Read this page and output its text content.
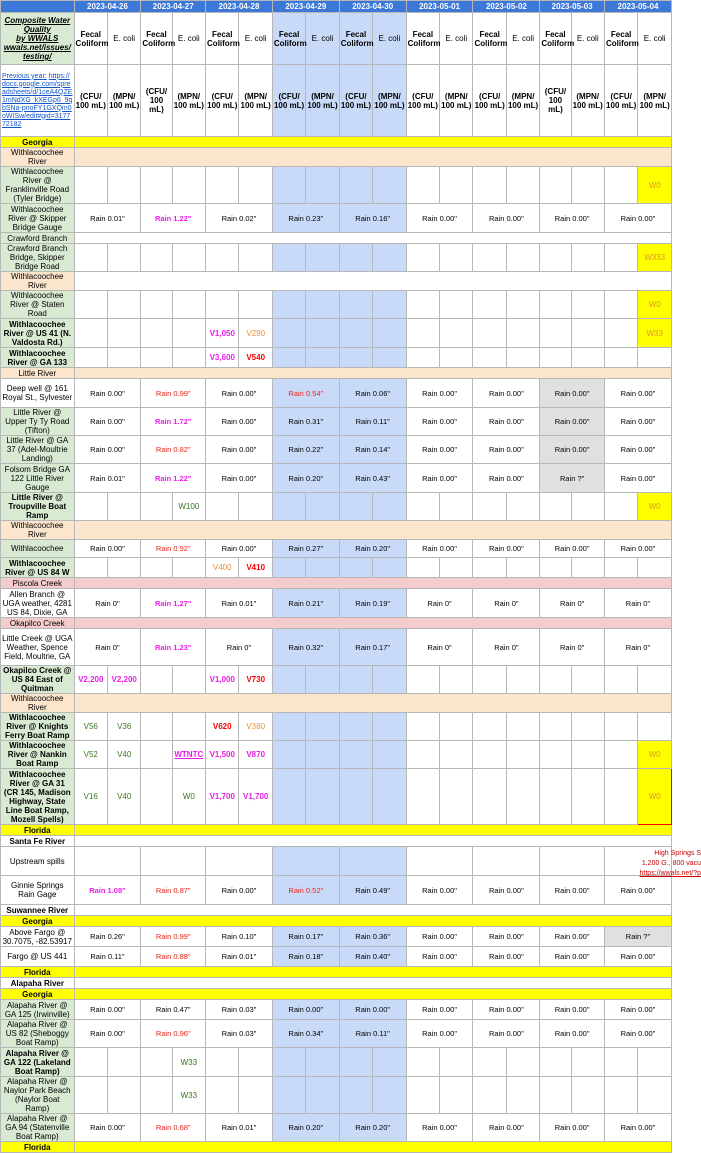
	2023-04-26		2023-04-27		2023-04-28		2023-04-29		2023-04-30		2023-05-01		2023-05-02		2023-05-03		2023-05-04	
Composite Water
Quality
by WWALS
wwals.net/issues/
testing/	Fecal Coliform	E. coli	Fecal Coliform	E. coli	Fecal Coliform	E. coli	Fecal Coliform	E. coli	Fecal Coliform	E. coli	Fecal Coliform	E. coli	Fecal Coliform	E. coli	Fecal Coliform	E. coli	Fecal Coliform	E. coli
Previous year: https://docs.google.com/spreadsheets/d/1ceA4QZE1mNdXG_kXEGp6_9qbSNa-pnoFY1GXQm0oWISw/edit#gid=317772182	(CFU/ 100 mL)	(MPN/ 100 mL)	(CFU/ 100 mL)	(MPN/ 100 mL)	(CFU/ 100 mL)	(MPN/ 100 mL)	(CFU/ 100 mL)	(MPN/ 100 mL)	(CFU/ 100 mL)	(MPN/ 100 mL)	(CFU/ 100 mL)	(MPN/ 100 mL)	(CFU/ 100 mL)	(MPN/ 100 mL)	(CFU/ 100 mL)	(MPN/ 100 mL)	(CFU/ 100 mL)	(MPN/ 100 mL)
Georgia																		
Withlacoochee River																		
Withlacoochee River @ Franklinville Road (Tyler Bridge)																		W0
Withlacoochee River @ Skipper Bridge Gauge	Rain 0.01"		Rain 1.22"		Rain 0.02"		Rain 0.23"		Rain 0.16"		Rain 0.00"		Rain 0.00"		Rain 0.00"		Rain 0.00"	
Crawford Branch																		
Crawford Branch Bridge, Skipper Bridge Road																		W333
Withlacoochee River																		
Withlacoochee River @ Staten Road																		W0
Withlacoochee River @ US 41 (N. Valdosta Rd.)					V1,050	V290												W33
Withlacoochee River @ GA 133					V3,600	V540												
Little River																		
Deep well @ 161 Royal St., Sylvester	Rain 0.00"		Rain 0.99"		Rain 0.00"		Rain 0.54"		Rain 0.06"		Rain 0.00"		Rain 0.00"		Rain 0.00"		Rain 0.00"	
Little River @ Upper Ty Ty Road (Tifton)	Rain 0.00"		Rain 1.72"		Rain 0.00"		Rain 0.31"		Rain 0.11"		Rain 0.00"		Rain 0.00"		Rain 0.00"		Rain 0.00"	
Little River @ GA 37 (Adel-Moultrie Landing)	Rain 0.00"		Rain 0.82"		Rain 0.00"		Rain 0.22"		Rain 0.14"		Rain 0.00"		Rain 0.00"		Rain 0.00"		Rain 0.00"	
Folsom Bridge GA 122 Little River Gauge	Rain 0.01"		Rain 1.22"		Rain 0.00"		Rain 0.20"		Rain 0.43"		Rain 0.00"		Rain 0.00"		Rain ?"		Rain 0.00"	
Little River @ Troupville Boat Ramp				W100														W0
Withlacoochee River																		
Withlacoochee	Rain 0.00"		Rain 0.92"		Rain 0.00"		Rain 0.27"		Rain 0.20"		Rain 0.00"		Rain 0.00"		Rain 0.00"		Rain 0.00"	
Withlacoochee River @ US 84 W					V400	V410												
Piscola Creek																		
Allen Branch @ UGA weather, 4281 US 84, Dixie, GA	Rain 0"		Rain 1.27"		Rain 0.01"		Rain 0.21"		Rain 0.19"		Rain 0"		Rain 0"		Rain 0"		Rain 0"	
Okapilco Creek																		
Little Creek @ UGA Weather, Spence Field, Moultrie, GA	Rain 0"		Rain 1.23"		Rain 0"		Rain 0.32"		Rain 0.17"		Rain 0"		Rain 0"		Rain 0"		Rain 0"	
Okapilco Creek @ US 84 East of Quitman	V2,200	V2,200			V1,000	V730												
Withlacoochee River																		
Withlacoochee River @ Knights Ferry Boat Ramp	V56	V36			V620	V380												
Withlacoochee River @ Nankin Boat Ramp	V52	V40		WTNTC	V1,500	V870												W0
Withlacoochee River @ GA 31 (CR 145, Madison Highway, State Line Boat Ramp, Mozell Spells)	V16	V40		W0	V1,700	V1,700												W0
Florida																		
Santa Fe River																		
Upstream spills																	High Springs S
1,200 G., 800 vacu
https://wwals.net/?p	

Ginnie Springs Rain Gage	Rain 1.08"		Rain 0.87"		Rain 0.00"		Rain 0.52"		Rain 0.49"		Rain 0.00"		Rain 0.00"		Rain 0.00"		Rain 0.00"	
Suwannee River																		
Georgia																		
Above Fargo @ 30.7075, -82.53917	Rain 0.26"		Rain 0.99"		Rain 0.10"		Rain 0.17"		Rain 0.36"		Rain 0.00"		Rain 0.00"		Rain 0.00"		Rain ?"	
Fargo @ US 441	Rain 0.11"		Rain 0.88"		Rain 0.01"		Rain 0.18"		Rain 0.40"		Rain 0.00"		Rain 0.00"		Rain 0.00"		Rain 0.00"	
Florida																		
Alapaha River																		
Georgia																		
Alapaha River @ GA 125 (Irwinville)	Rain 0.00"		Rain 0.47"		Rain 0.03"		Rain 0.00"		Rain 0.00"		Rain 0.00"		Rain 0.00"		Rain 0.00"		Rain 0.00"	
Alapaha River @ US 82 (Sheboggy Boat Ramp)	Rain 0.00"		Rain 0.96"		Rain 0.03"		Rain 0.34"		Rain 0.11"		Rain 0.00"		Rain 0.00"		Rain 0.00"		Rain 0.00"	
Alapaha River @ GA 122 (Lakeland Boat Ramp)				W33														
Alapaha River @ Naylor Park Beach (Naylor Boat Ramp)				W33														
Alapaha River @ GA 94 (Statenville Boat Ramp)	Rain 0.00"		Rain 0.68"		Rain 0.01"		Rain 0.20"		Rain 0.20"		Rain 0.00"		Rain 0.00"		Rain 0.00"		Rain 0.00"	
Florida																		
